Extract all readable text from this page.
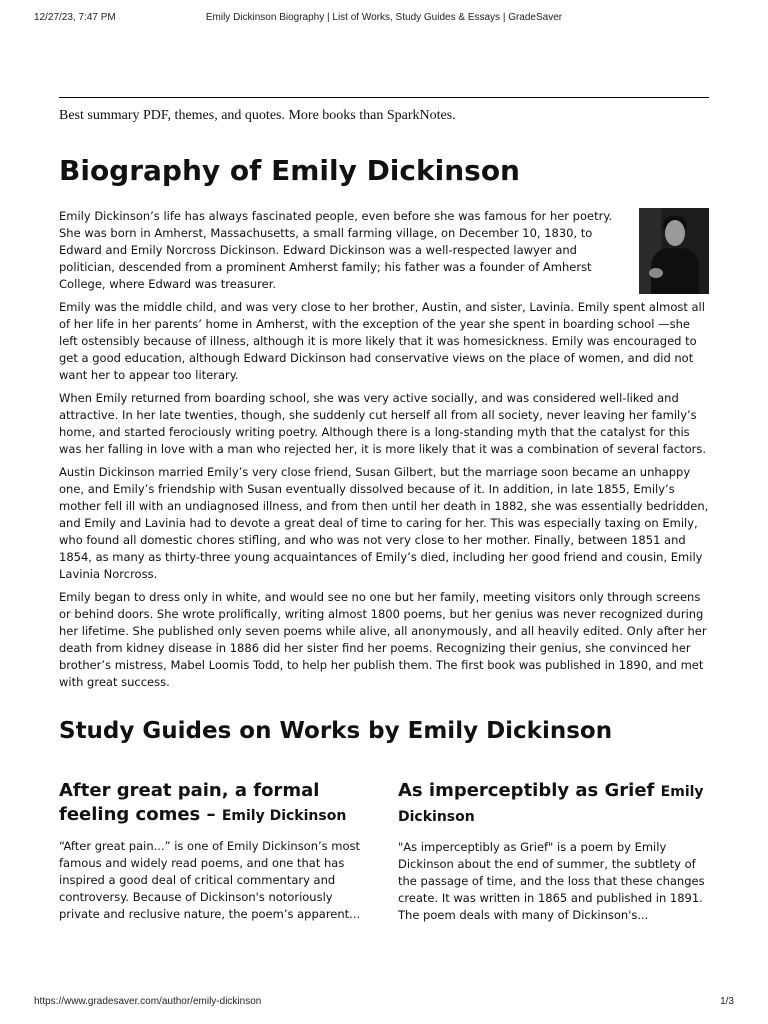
12/27/23, 7:47 PM	Emily Dickinson Biography | List of Works, Study Guides & Essays | GradeSaver
Best summary PDF, themes, and quotes. More books than SparkNotes.
Biography of Emily Dickinson

Emily Dickinson’s life has always fascinated people, even before she was famous for her poetry. She was born in Amherst, Massachusetts, a small farming village, on December 10, 1830, to Edward and Emily Norcross Dickinson. Edward Dickinson was a well-respected lawyer and politician, descended from a prominent Amherst family; his father was a founder of Amherst College, where Edward was treasurer.

Emily was the middle child, and was very close to her brother, Austin, and sister, Lavinia. Emily spent almost all of her life in her parents’ home in Amherst, with the exception of the year she spent in boarding school —she left ostensibly because of illness, although it is more likely that it was homesickness. Emily was encouraged to get a good education, although Edward Dickinson had conservative views on the place of women, and did not want her to appear too literary.

When Emily returned from boarding school, she was very active socially, and was considered well-liked and attractive. In her late twenties, though, she suddenly cut herself all from all society, never leaving her family’s home, and started ferociously writing poetry. Although there is a long-standing myth that the catalyst for this was her falling in love with a man who rejected her, it is more likely that it was a combination of several factors.

Austin Dickinson married Emily’s very close friend, Susan Gilbert, but the marriage soon became an unhappy one, and Emily’s friendship with Susan eventually dissolved because of it. In addition, in late 1855, Emily’s mother fell ill with an undiagnosed illness, and from then until her death in 1882, she was essentially bedridden, and Emily and Lavinia had to devote a great deal of time to caring for her. This was especially taxing on Emily, who found all domestic chores stifling, and who was not very close to her mother. Finally, between 1851 and 1854, as many as thirty-three young acquaintances of Emily’s died, including her good friend and cousin, Emily Lavinia Norcross.

Emily began to dress only in white, and would see no one but her family, meeting visitors only through screens or behind doors. She wrote prolifically, writing almost 1800 poems, but her genius was never recognized during her lifetime. She published only seven poems while alive, all anonymously, and all heavily edited. Only after her death from kidney disease in 1886 did her sister find her poems. Recognizing their genius, she convinced her brother’s mistress, Mabel Loomis Todd, to help her publish them. The first book was published in 1890, and met with great success.

Study Guides on Works by Emily Dickinson
After great pain, a formal feeling comes – Emily Dickinson

“After great pain...” is one of Emily Dickinson’s most famous and widely read poems, and one that has inspired a good deal of critical commentary and controversy. Because of Dickinson's notoriously private and reclusive nature, the poem’s apparent...

As imperceptibly as Grief Emily Dickinson

"As imperceptibly as Grief" is a poem by Emily Dickinson about the end of summer, the subtlety of the passage of time, and the loss that these changes create. It was written in 1865 and published in 1891. The poem deals with many of Dickinson's...

https://www.gradesaver.com/author/emily-dickinson	1/3
